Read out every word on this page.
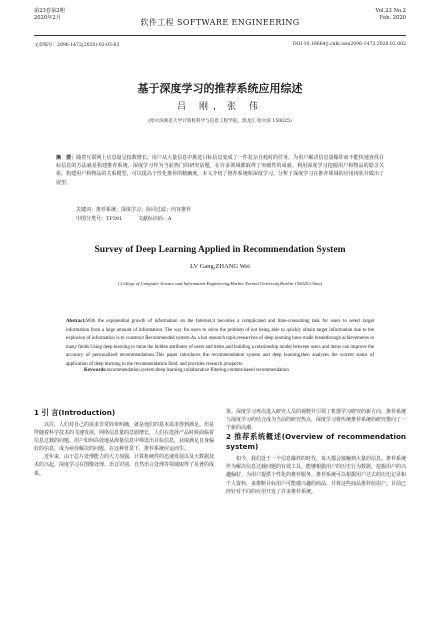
第23卷第2期
2020年2月	软件工程 SOFTWARE ENGINEERING
Vol.23 No.2
Feb. 2020
文章编号：2096-1472(2020)-02-05-03	DOI:10.16664/j.cnki.issn2096-1472.2020.02.002
基于深度学习的推荐系统应用综述
吕 刚，张 伟
(哈尔滨师范大学计算机科学与信息工程学院，黑龙江 哈尔滨 150025)
摘　要：随着互联网上信息量呈指数增长，用户从大量信息中挑选目标信息变成了一件复杂且耗时的任务。为用户解决信息量爆炸而不能快速查找目标信息的方法就是构建推荐系统。深度学习作为当前热门的研究话题，在许多领域都取得了突破性的成就。利用深度学习挖掘用户和物品的隐含关系，构建用户和物品的关系模型，可以提高个性化推荐的精确度。本文介绍了推荐系统和深度学习，分析了深度学习在推荐领域的应用现状并做出了展望。
关键词：推荐系统；深度学习；协同过滤；内容推荐
中图分类号：TP391	文献标识码：A
Survey of Deep Learning Applied in Recommendation System
LV Gang,ZHANG Wei
( College of Computer Science and Information Engineering,Harbin Normal University,Harbin 150025,China)
Abstract:With the exponential growth of information on the Internet,it becomes a complicated and time-consuming task for users to select target information from a large amount of information. The way for users to solve the problem of not being able to quickly obtain target information due to the explosion of information is to construct Recommended system.As a hot research topic,researches of deep learning have made breakthrough achievements in many fields.Using deep learning to mine the hidden attributes of users and items,and building a relationship model between users and items can improve the accuracy of personalized recommendations.This paper introduces the recommendation system and deep learning,then analyzes the current status of application of deep learning in the recommendation field, and provides research prospects.
Keywords:recommendation system;deep learning;collaborative filtering;content-based recommendation
1 引 言(Introduction)

以往，人们对自己的需求非常简单明确，就是他们的基本需求得到满足。但是伴随着科学技术的飞速发展，网络信息量的急剧增长，人们在选择产品时候面临着信息过载的问题。用户如何高效地从海量信息中筛选出目标信息，获取满足自身偏好的信息，成为亟待解决的问题。在这种背景下，推荐系统应运而生。

近年来，由于芯片处理能力的大力加强，计算机硬件的迅速发展以及大数据技术的兴起，深度学习在图像处理、语音识别、自然语言处理等领域取得了显著的成果。

果。深度学习再次进入研究人员的视野并引领了机器学习研究的新方向。推荐系统与深度学习的结合成为当前的研究热点，深度学习将传统推荐系统的研究推向了一个新的高潮。

2 推荐系统概述(Overview of recommendation system)

如今，我们处于一个信息爆炸的时代，每天都会接触到大量的信息。推荐系统作为解决信息过载问题的有效工具，能够根据用户的历史行为数据，挖掘用户的兴趣偏好，为用户提供个性化的推荐服务。推荐系统可以根据用户过去的历史记录和个人资料，来推断目标用户可能感兴趣的商品，并将这些商品推荐给用户。目前已经针对不同的应用开发了许多推荐系统。
